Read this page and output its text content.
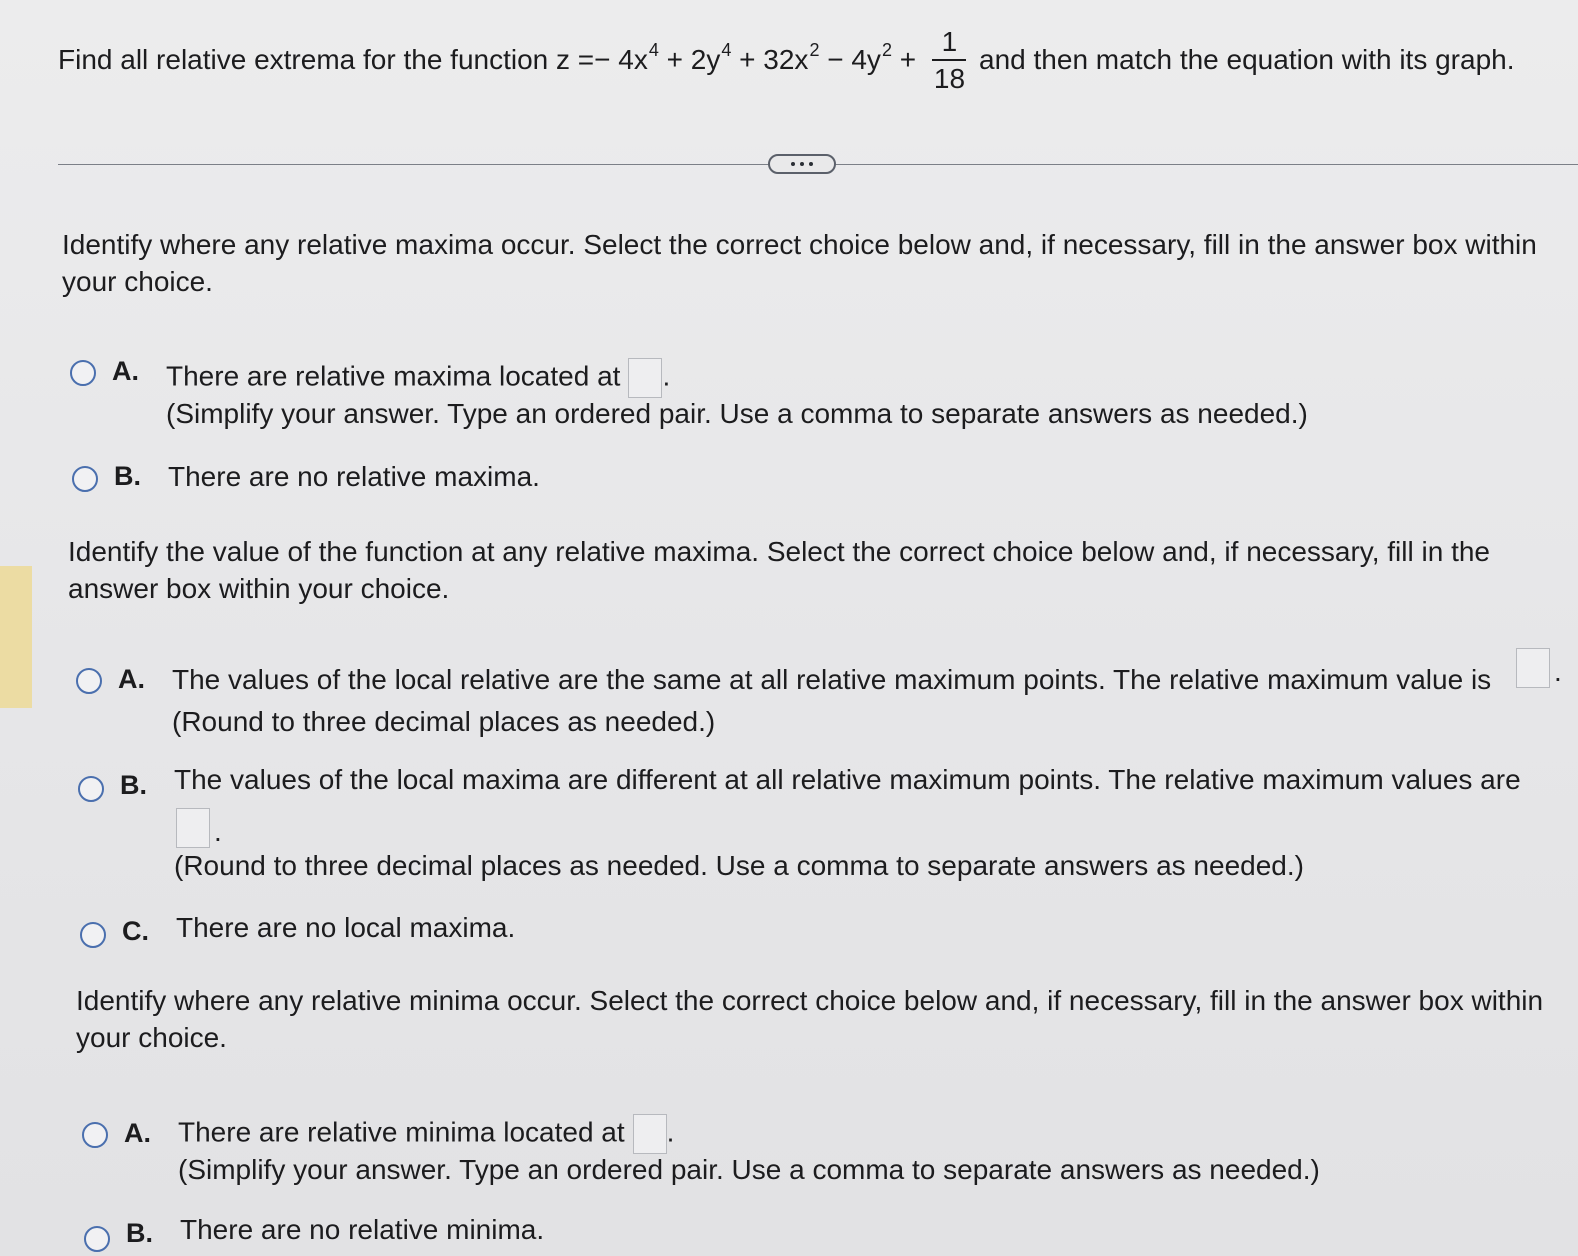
Find all relative extrema for the function z = − $4x^4 + 2y^4 + 32x^2 - 4y^2 + \frac{1}{18}$ and then match the equation with its graph.
Identify where any relative maxima occur. Select the correct choice below and, if necessary, fill in the answer box within your choice.
A. There are relative maxima located at .
(Simplify your answer. Type an ordered pair. Use a comma to separate answers as needed.)
B. There are no relative maxima.
Identify the value of the function at any relative maxima. Select the correct choice below and, if necessary, fill in the answer box within your choice.
A. The values of the local relative are the same at all relative maximum points. The relative maximum value is .
(Round to three decimal places as needed.)
B. The values of the local maxima are different at all relative maximum points. The relative maximum values are
.
(Round to three decimal places as needed. Use a comma to separate answers as needed.)
C. There are no local maxima.
Identify where any relative minima occur. Select the correct choice below and, if necessary, fill in the answer box within your choice.
A. There are relative minima located at .
(Simplify your answer. Type an ordered pair. Use a comma to separate answers as needed.)
B. There are no relative minima.
